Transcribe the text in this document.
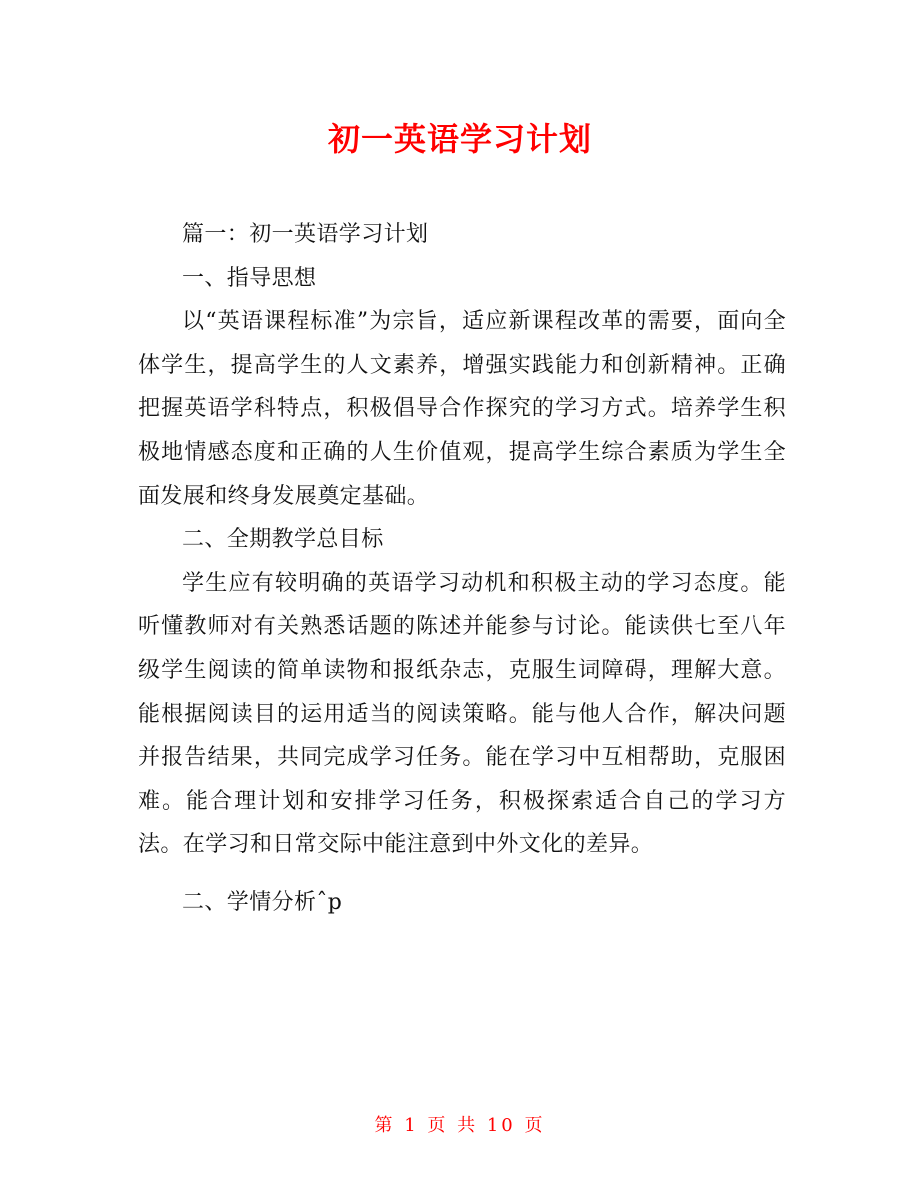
初一英语学习计划

篇一：初一英语学习计划

一、指导思想

以“英语课程标准”为宗旨，适应新课程改革的需要，面向全体学生，提高学生的人文素养，增强实践能力和创新精神。正确把握英语学科特点，积极倡导合作探究的学习方式。培养学生积极地情感态度和正确的人生价值观，提高学生综合素质为学生全面发展和终身发展奠定基础。

二、全期教学总目标

学生应有较明确的英语学习动机和积极主动的学习态度。能听懂教师对有关熟悉话题的陈述并能参与讨论。能读供七至八年级学生阅读的简单读物和报纸杂志，克服生词障碍，理解大意。能根据阅读目的运用适当的阅读策略。能与他人合作，解决问题并报告结果，共同完成学习任务。能在学习中互相帮助，克服困难。能合理计划和安排学习任务，积极探索适合自己的学习方法。在学习和日常交际中能注意到中外文化的差异。

二、学情分析ˆp

第 1 页 共 10 页
